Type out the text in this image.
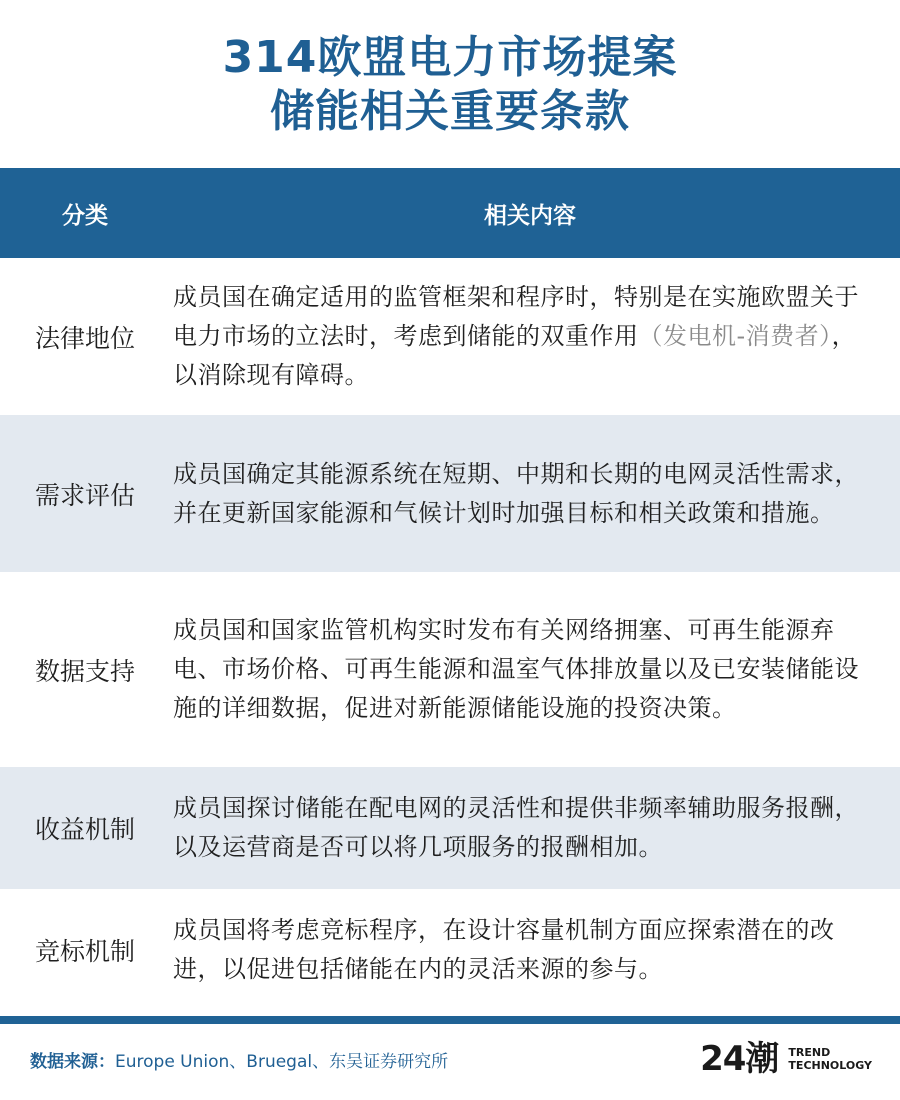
314欧盟电力市场提案
储能相关重要条款
分类	相关内容
法律地位
成员国在确定适用的监管框架和程序时，特别是在实施欧盟关于电力市场的立法时，考虑到储能的双重作用（发电机-消费者），以消除现有障碍。
需求评估
成员国确定其能源系统在短期、中期和长期的电网灵活性需求，并在更新国家能源和气候计划时加强目标和相关政策和措施。
数据支持
成员国和国家监管机构实时发布有关网络拥塞、可再生能源弃电、市场价格、可再生能源和温室气体排放量以及已安装储能设施的详细数据，促进对新能源储能设施的投资决策。
收益机制
成员国探讨储能在配电网的灵活性和提供非频率辅助服务报酬，以及运营商是否可以将几项服务的报酬相加。
竞标机制
成员国将考虑竞标程序，在设计容量机制方面应探索潜在的改进，以促进包括储能在内的灵活来源的参与。
数据来源：Europe Union、Bruegal、东吴证券研究所	24潮 TREND
TECHNOLOGY
